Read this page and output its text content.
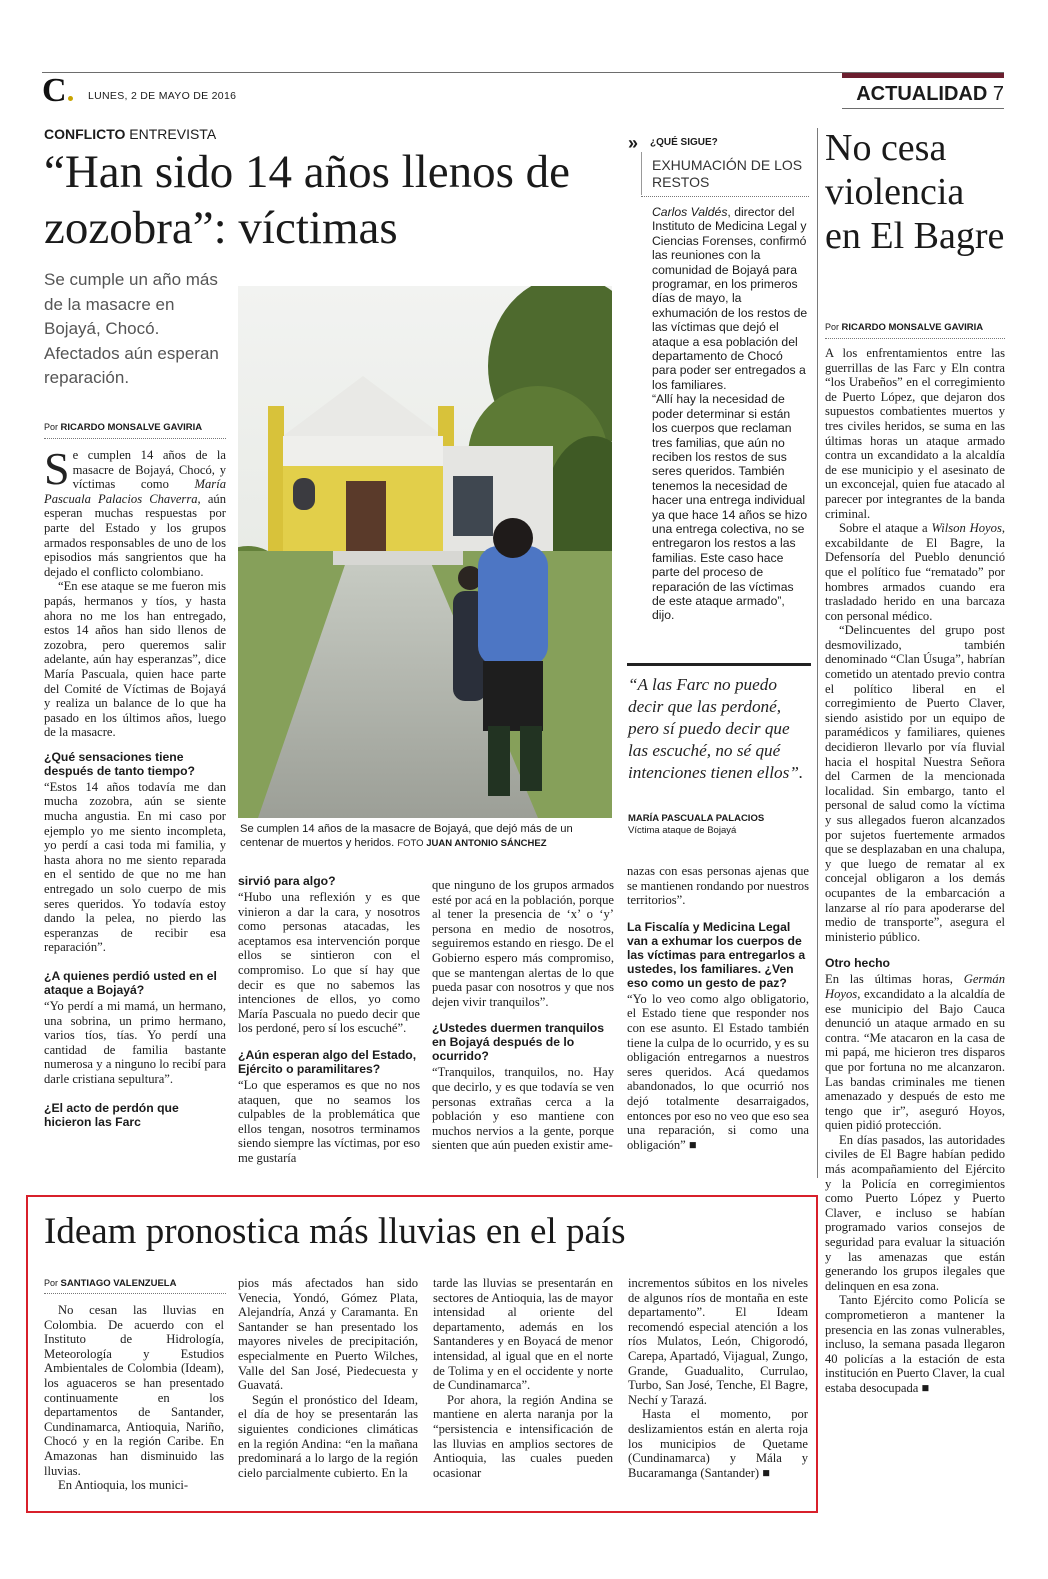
C	LUNES, 2 DE MAYO DE 2016	ACTUALIDAD 7
CONFLICTO ENTREVISTA
“Han sido 14 años llenos de zozobra”: víctimas
Se cumple un año más de la masacre en Bojayá, Chocó. Afectados aún esperan reparación.
Por RICARDO MONSALVE GAVIRIA

Se cumplen 14 años de la masacre de Bojayá, Chocó, y víctimas como María Pascuala Palacios Chaverra, aún esperan muchas respuestas por parte del Estado y los grupos armados responsables de uno de los episodios más sangrientos que ha dejado el conflicto colombiano.

“En ese ataque se me fueron mis papás, hermanos y tíos, y hasta ahora no me los han entregado, estos 14 años han sido llenos de zozobra, pero queremos salir adelante, aún hay esperanzas”, dice María Pascuala, quien hace parte del Comité de Víctimas de Bojayá y realiza un balance de lo que ha pasado en los últimos años, luego de la masacre.

¿Qué sensaciones tiene después de tanto tiempo?

“Estos 14 años todavía me dan mucha zozobra, aún se siente mucha angustia. En mi caso por ejemplo yo me siento incompleta, yo perdí a casi toda mi familia, y hasta ahora no me siento reparada en el sentido de que no me han entregado un solo cuerpo de mis seres queridos. Yo todavía estoy dando la pelea, no pierdo las esperanzas de recibir esa reparación”.

¿A quienes perdió usted en el ataque a Bojayá?

“Yo perdí a mi mamá, un hermano, una sobrina, un primo hermano, varios tíos, tías. Yo perdí una cantidad de familia bastante numerosa y a ninguno lo recibí para darle cristiana sepultura”.

¿El acto de perdón que hicieron las Farc

Se cumplen 14 años de la masacre de Bojayá, que dejó más de un centenar de muertos y heridos. FOTO JUAN ANTONIO SÁNCHEZ

sirvió para algo?

“Hubo una reflexión y es que vinieron a dar la cara, y nosotros como personas atacadas, les aceptamos esa intervención porque ellos se sintieron con el compromiso. Lo que sí hay que decir es que no sabemos las intenciones de ellos, yo como María Pascuala no puedo decir que los perdoné, pero sí los escuché”.

¿Aún esperan algo del Estado, Ejército o paramilitares?

“Lo que esperamos es que no nos ataquen, que no seamos los culpables de la problemática que ellos tengan, nosotros terminamos siendo siempre las víctimas, por eso me gustaría

que ninguno de los grupos armados esté por acá en la población, porque al tener la presencia de ‘x’ o ‘y’ persona en medio de nosotros, seguiremos estando en riesgo. De el Gobierno espero más compromiso, que se mantengan alertas de lo que pueda pasar con nosotros y que nos dejen vivir tranquilos”.

¿Ustedes duermen tranquilos en Bojayá después de lo ocurrido?

“Tranquilos, tranquilos, no. Hay que decirlo, y es que todavía se ven personas extrañas cerca a la población y eso mantiene con muchos nervios a la gente, porque sienten que aún pueden existir ame-

» ¿QUÉ SIGUE?
EXHUMACIÓN DE LOS RESTOS

Carlos Valdés, director del Instituto de Medicina Legal y Ciencias Forenses, confirmó las reuniones con la comunidad de Bojayá para programar, en los primeros días de mayo, la exhumación de los restos de las víctimas que dejó el ataque a esa población del departamento de Chocó para poder ser entregados a los familiares.

“Allí hay la necesidad de poder determinar si están los cuerpos que reclaman tres familias, que aún no reciben los restos de sus seres queridos. También tenemos la necesidad de hacer una entrega individual ya que hace 14 años se hizo una entrega colectiva, no se entregaron los restos a las familias. Este caso hace parte del proceso de reparación de las víctimas de este ataque armado”, dijo.

“A las Farc no puedo decir que las perdoné, pero sí puedo decir que las escuché, no sé qué intenciones tienen ellos”.
MARÍA PASCUALA PALACIOS
Víctima ataque de Bojayá

nazas con esas personas ajenas que se mantienen rondando por nuestros territorios”.

La Fiscalía y Medicina Legal van a exhumar los cuerpos de las víctimas para entregarlos a ustedes, los familiares. ¿Ven eso como un gesto de paz?

“Yo lo veo como algo obligatorio, el Estado tiene que responder nos con ese asunto. El Estado también tiene la culpa de lo ocurrido, y es su obligación entregarnos a nuestros seres queridos. Acá quedamos abandonados, lo que ocurrió nos dejó totalmente desarraigados, entonces por eso no veo que eso sea una reparación, si como una obligación” ■

No cesa violencia en El Bagre
Por RICARDO MONSALVE GAVIRIA

A los enfrentamientos entre las guerrillas de las Farc y Eln contra “los Urabeños” en el corregimiento de Puerto López, que dejaron dos supuestos combatientes muertos y tres civiles heridos, se suma en las últimas horas un ataque armado contra un excandidato a la alcaldía de ese municipio y el asesinato de un exconcejal, quien fue atacado al parecer por integrantes de la banda criminal.

Sobre el ataque a Wilson Hoyos, excabildante de El Bagre, la Defensoría del Pueblo denunció que el político fue “rematado” por hombres armados cuando era trasladado herido en una barcaza con personal médico.

“Delincuentes del grupo post desmovilizado, también denominado “Clan Úsuga”, habrían cometido un atentado previo contra el político liberal en el corregimiento de Puerto Claver, siendo asistido por un equipo de paramédicos y familiares, quienes decidieron llevarlo por vía fluvial hacia el hospital Nuestra Señora del Carmen de la mencionada localidad. Sin embargo, tanto el personal de salud como la víctima y sus allegados fueron alcanzados por sujetos fuertemente armados que se desplazaban en una chalupa, y que luego de rematar al ex concejal obligaron a los demás ocupantes de la embarcación a lanzarse al río para apoderarse del medio de transporte”, asegura el ministerio público.

Otro hecho

En las últimas horas, Germán Hoyos, excandidato a la alcaldía de ese municipio del Bajo Cauca denunció un ataque armado en su contra. “Me atacaron en la casa de mi papá, me hicieron tres disparos que por fortuna no me alcanzaron. Las bandas criminales me tienen amenazado y después de esto me tengo que ir”, aseguró Hoyos, quien pidió protección.

En días pasados, las autoridades civiles de El Bagre habían pedido más acompañamiento del Ejército y la Policía en corregimientos como Puerto López y Puerto Claver, e incluso se habían programado varios consejos de seguridad para evaluar la situación y las amenazas que están generando los grupos ilegales que delinquen en esa zona.

Tanto Ejército como Policía se comprometieron a mantener la presencia en las zonas vulnerables, incluso, la semana pasada llegaron 40 policías a la estación de esta institución en Puerto Claver, la cual estaba desocupada ■

Ideam pronostica más lluvias en el país
Por SANTIAGO VALENZUELA

No cesan las lluvias en Colombia. De acuerdo con el Instituto de Hidrología, Meteorología y Estudios Ambientales de Colombia (Ideam), los aguaceros se han presentado continuamente en los departamentos de Santander, Cundinamarca, Antioquia, Nariño, Chocó y en la región Caribe. En Amazonas han disminuido las lluvias.

En Antioquia, los munici-

pios más afectados han sido Venecia, Yondó, Gómez Plata, Alejandría, Anzá y Caramanta. En Santander se han presentado los mayores niveles de precipitación, especialmente en Puerto Wilches, Valle del San José, Piedecuesta y Guavatá.

Según el pronóstico del Ideam, el día de hoy se presentarán las siguientes condiciones climáticas en la región Andina: “en la mañana predominará a lo largo de la región cielo parcialmente cubierto. En la

tarde las lluvias se presentarán en sectores de Antioquia, las de mayor intensidad al oriente del departamento, además en los Santanderes y en Boyacá de menor intensidad, al igual que en el norte de Tolima y en el occidente y norte de Cundinamarca”.

Por ahora, la región Andina se mantiene en alerta naranja por la “persistencia e intensificación de las lluvias en amplios sectores de Antioquia, las cuales pueden ocasionar

incrementos súbitos en los niveles de algunos ríos de montaña en este departamento”. El Ideam recomendó especial atención a los ríos Mulatos, León, Chigorodó, Carepa, Apartadó, Vijagual, Zungo, Grande, Guadualito, Currulao, Turbo, San José, Tenche, El Bagre, Nechí y Tarazá.

Hasta el momento, por deslizamientos están en alerta roja los municipios de Quetame (Cundinamarca) y Mála y Bucaramanga (Santander) ■
